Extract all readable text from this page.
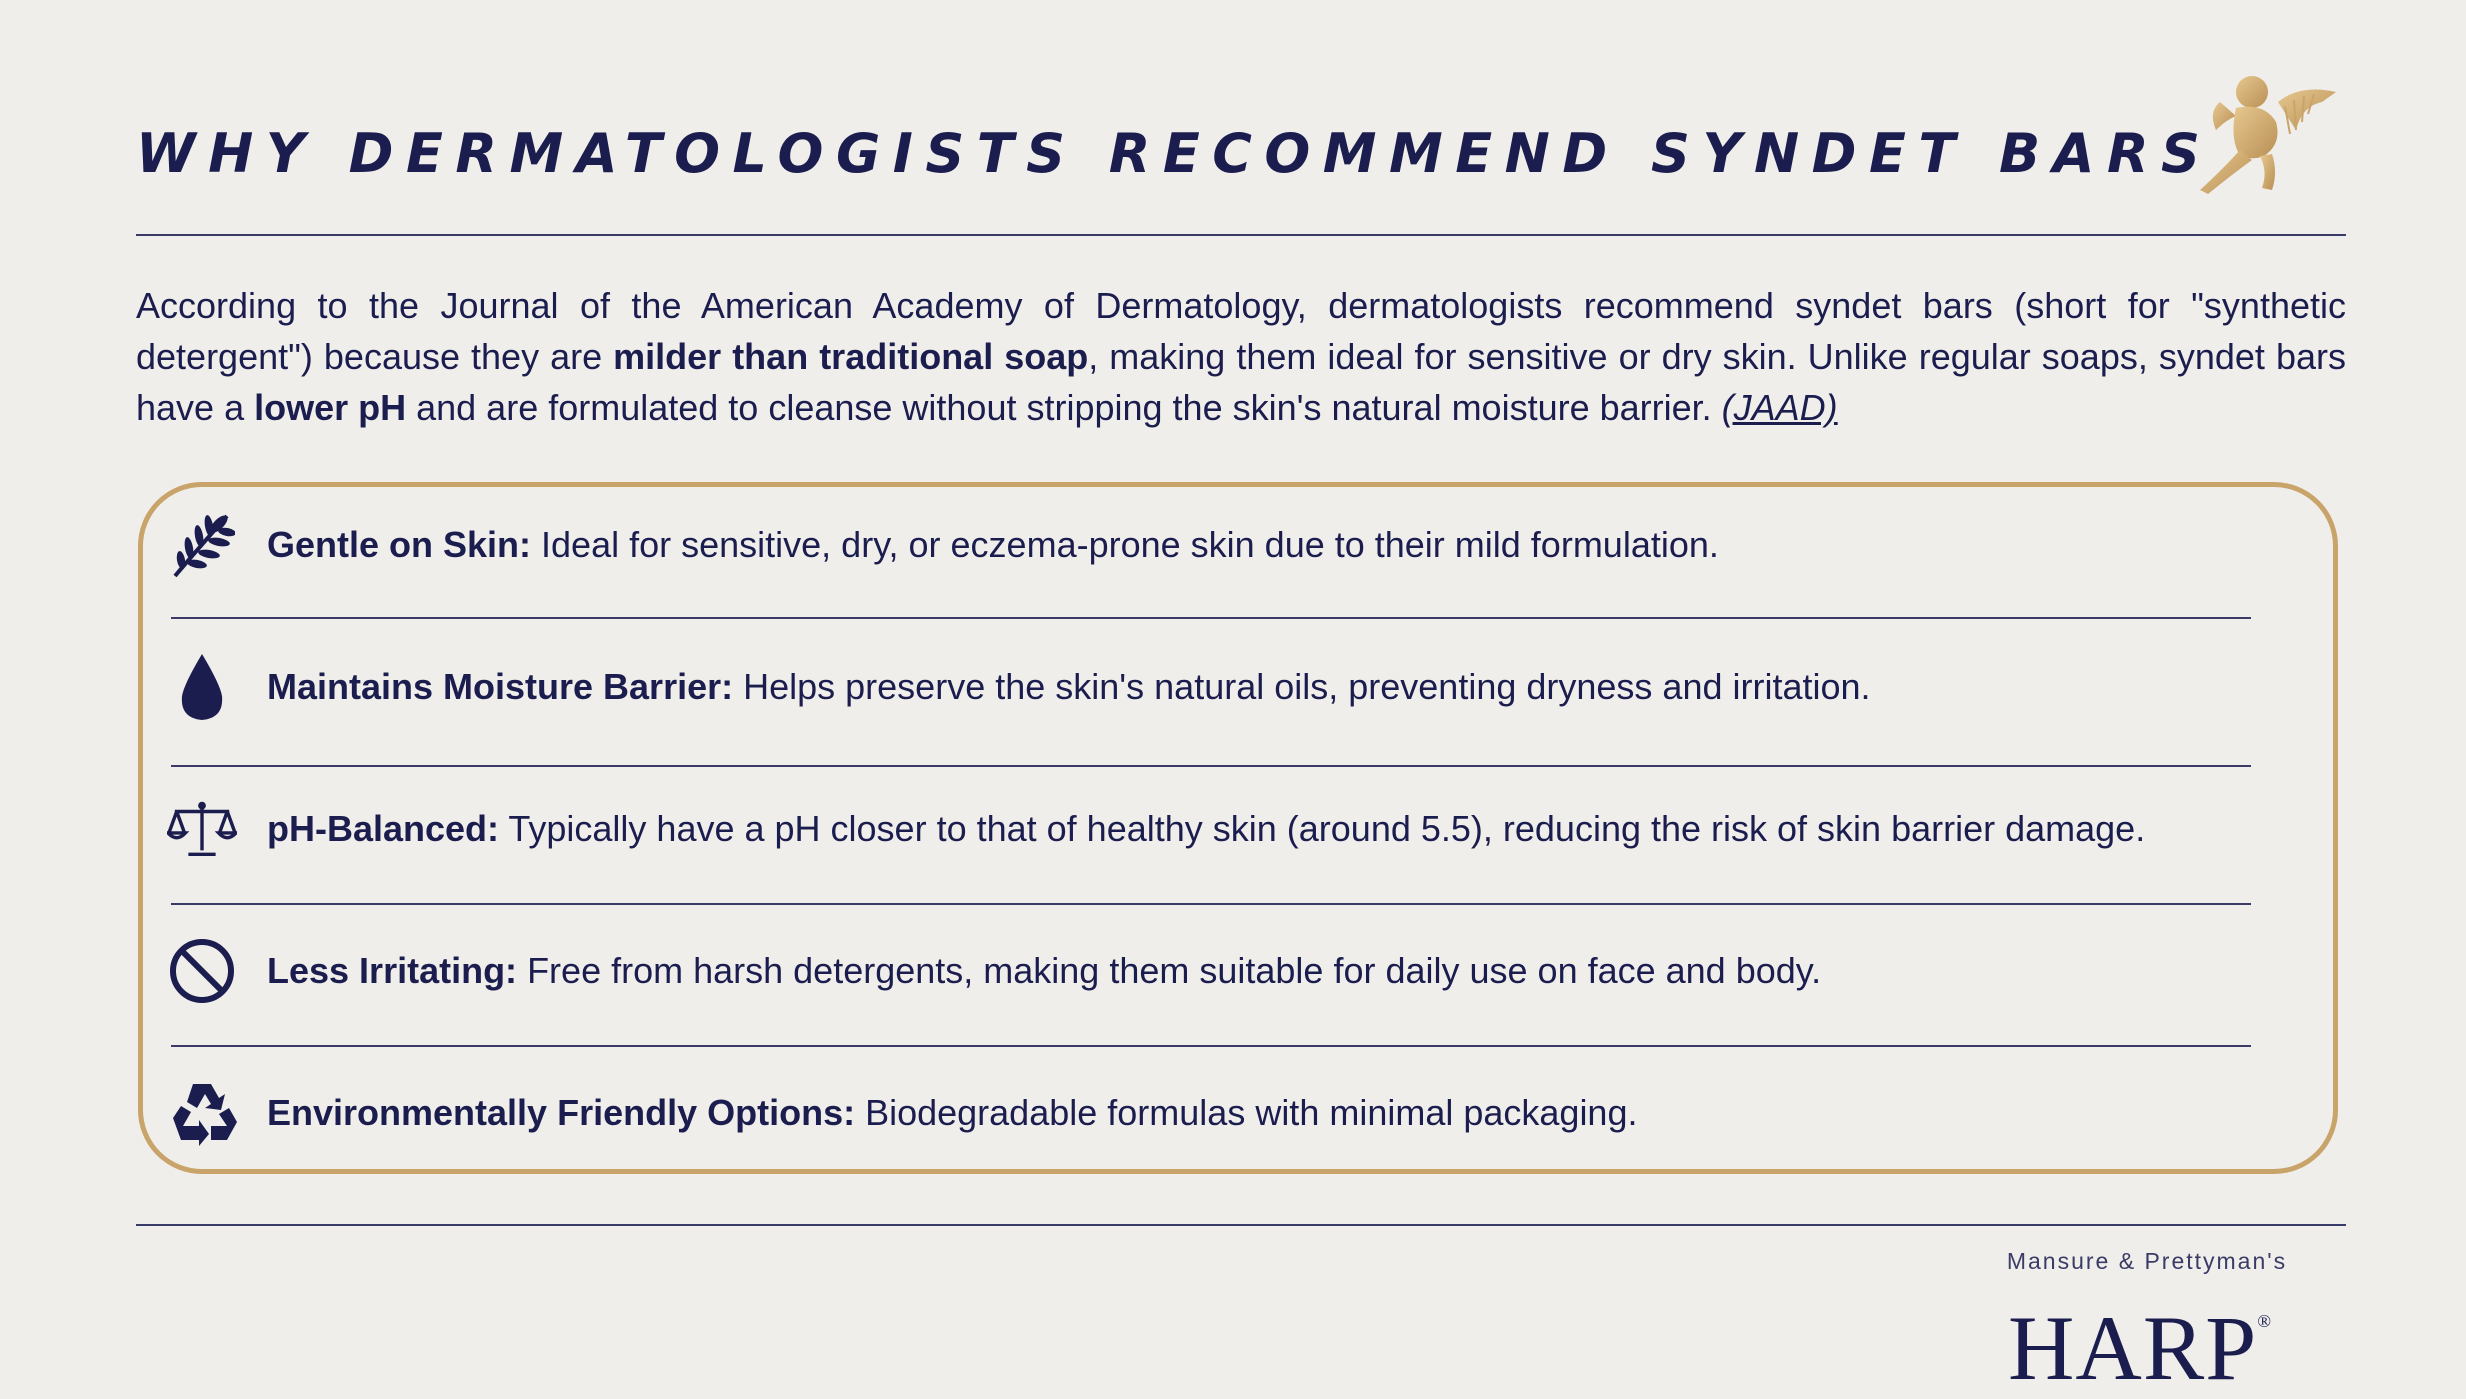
WHY DERMATOLOGISTS RECOMMEND SYNDET BARS

According to the Journal of the American Academy of Dermatology, dermatologists recommend syndet bars (short for "synthetic detergent") because they are milder than traditional soap, making them ideal for sensitive or dry skin. Unlike regular soaps, syndet bars have a lower pH and are formulated to cleanse without stripping the skin's natural moisture barrier. (JAAD)

Gentle on Skin: Ideal for sensitive, dry, or eczema-prone skin due to their mild formulation.
Maintains Moisture Barrier: Helps preserve the skin's natural oils, preventing dryness and irritation.
pH-Balanced: Typically have a pH closer to that of healthy skin (around 5.5), reducing the risk of skin barrier damage.
Less Irritating: Free from harsh detergents, making them suitable for daily use on face and body.
Environmentally Friendly Options: Biodegradable formulas with minimal packaging.
Mansure & Prettyman's
HARP®
